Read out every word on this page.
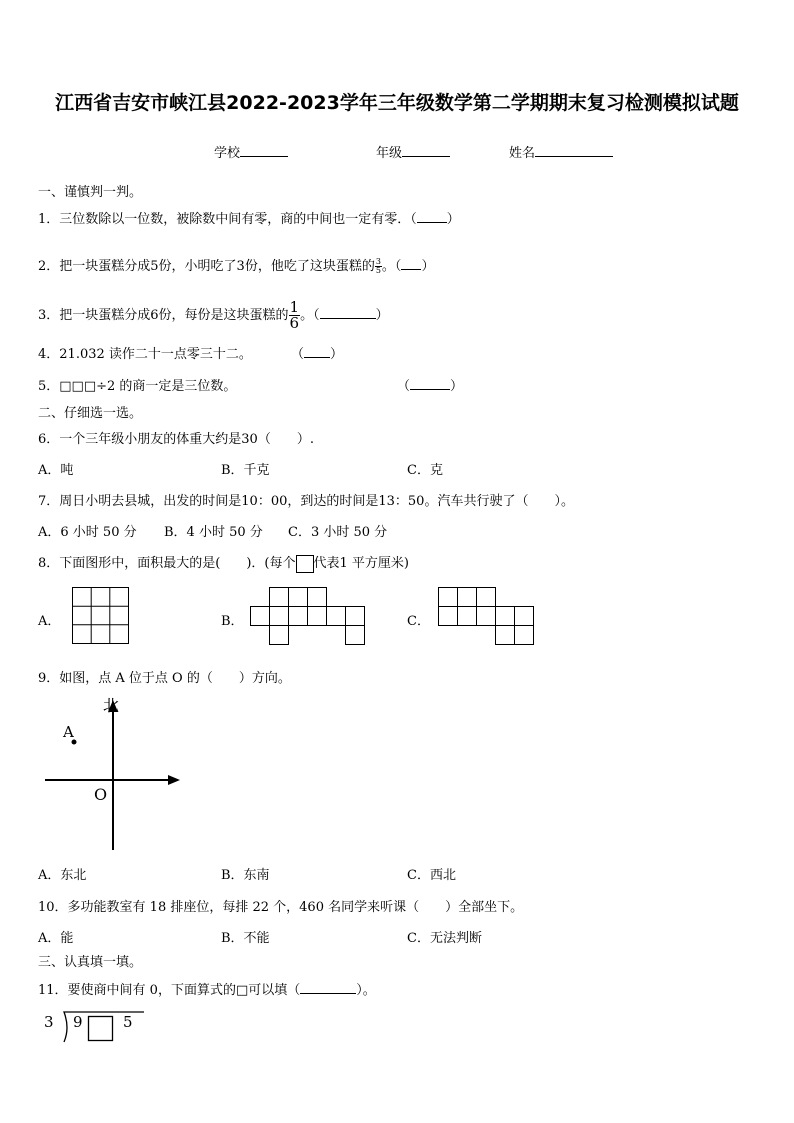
江西省吉安市峡江县2022-2023学年三年级数学第二学期期末复习检测模拟试题
学校	年级	姓名
一、谨慎判一判。
1．三位数除以一位数，被除数中间有零，商的中间也一定有零．（ ）
2．把一块蛋糕分成5份，小明吃了3份，他吃了这块蛋糕的 $\frac{3}{5}$ 。（ ）
3．把一块蛋糕分成6份，每份是这块蛋糕的 $\frac{1}{6}$ 。（	）
4．21.032 读作二十一点零三十二。	（ ）
5．□□□÷2 的商一定是三位数。	（	）
二、仔细选一选。
6．一个三年级小朋友的体重大约是30（　　）.
A．吨	B．千克	C．克
7．周日小明去县城，出发的时间是10：00，到达的时间是13：50。汽车共行驶了（　　）。
A．6 小时 50 分 B．4 小时 50 分 C．3 小时 50 分
8．下面图形中，面积最大的是(　　)．(每个 代表1 平方厘米)
A．	B．	C．
9．如图，点 A 位于点 O 的（　　）方向。
北
A
O
A．东北	B．东南	C．西北
10．多功能教室有 18 排座位，每排 22 个，460 名同学来听课（　　）全部坐下。
A．能	B．不能	C．无法判断
三、认真填一填。
11．要使商中间有 0，下面算式的□可以填（	）。
3 9	5
